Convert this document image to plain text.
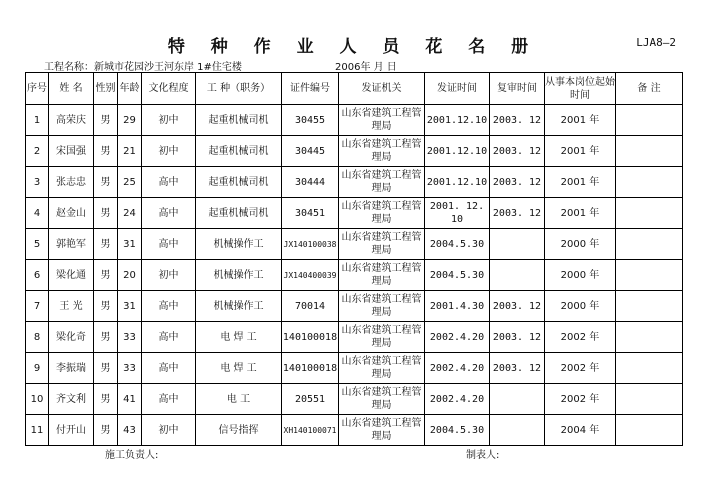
特 种 作 业 人 员 花 名 册	LJA8—2
工程名称：新城市花园沙王河东岸 1#住宅楼	2006年 月 日
序号	姓 名	性别	年龄	文化程度	工 种（职务）	证件编号	发证机关	发证时间	复审时间	从事本岗位起始时间	备 注
1	高荣庆	男	29	初中	起重机械司机	30455	山东省建筑工程管理局	2001.12.10	2003. 12	2001 年	
2	宋国强	男	21	初中	起重机械司机	30445	山东省建筑工程管理局	2001.12.10	2003. 12	2001 年	
3	张志忠	男	25	高中	起重机械司机	30444	山东省建筑工程管理局	2001.12.10	2003. 12	2001 年	
4	赵金山	男	24	高中	起重机械司机	30451	山东省建筑工程管理局	2001. 12. 10	2003. 12	2001 年	
5	郭艳军	男	31	高中	机械操作工	JX140100038	山东省建筑工程管理局	2004.5.30		2000 年	
6	梁化通	男	20	初中	机械操作工	JX140400039	山东省建筑工程管理局	2004.5.30		2000 年	
7	王 光	男	31	高中	机械操作工	70014	山东省建筑工程管理局	2001.4.30	2003. 12	2000 年	
8	梁化奇	男	33	高中	电 焊 工	140100018	山东省建筑工程管理局	2002.4.20	2003. 12	2002 年	
9	李振瑞	男	33	高中	电 焊 工	140100018	山东省建筑工程管理局	2002.4.20	2003. 12	2002 年	
10	齐文利	男	41	高中	电 工	20551	山东省建筑工程管理局	2002.4.20		2002 年	
11	付开山	男	43	初中	信号指挥	XH140100071	山东省建筑工程管理局	2004.5.30		2004 年	
施工负责人:	制表人:
